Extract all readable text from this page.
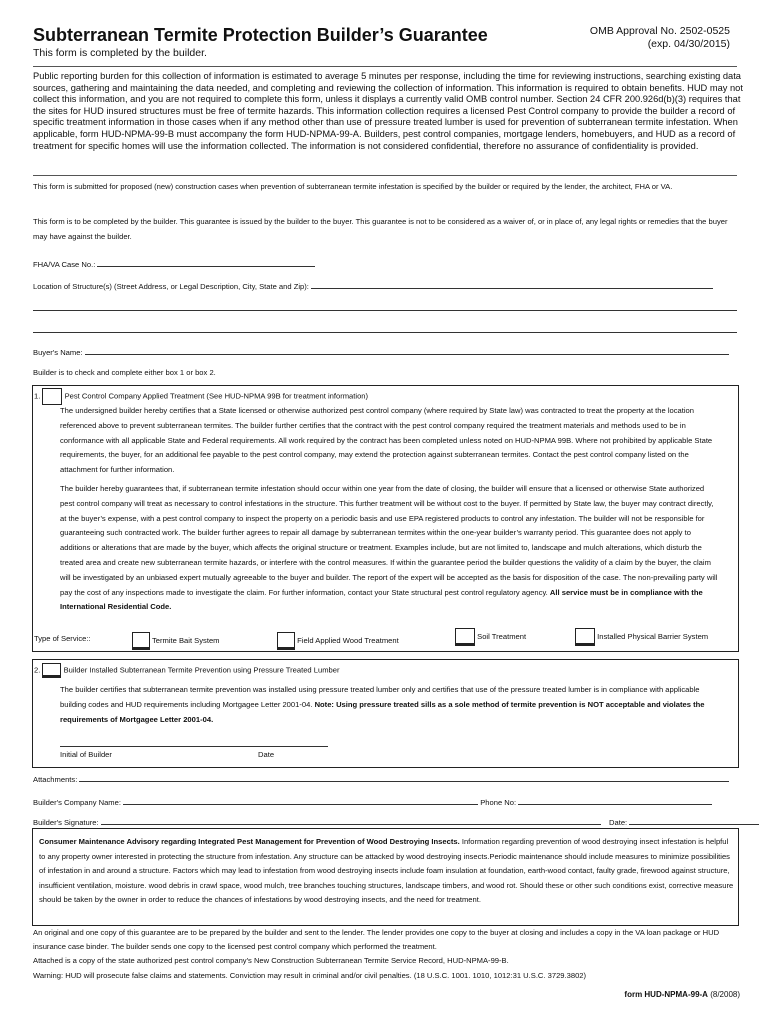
Subterranean Termite Protection Builder’s Guarantee
This form is completed by the builder.
OMB Approval No. 2502-0525
(exp. 04/30/2015)
Public reporting burden for this collection of information is estimated to average 5 minutes per response, including the time for reviewing instructions, searching existing data sources, gathering and maintaining the data needed, and completing and reviewing the collection of information. This information is required to obtain benefits. HUD may not collect this information, and you are not required to complete this form, unless it displays a currently valid OMB control number. Section 24 CFR 200.926d(b)(3) requires that the sites for HUD insured structures must be free of termite hazards. This information collection requires a licensed Pest Control company to provide the builder a record of specific treatment information in those cases when if any method other than use of pressure treated lumber is used for prevention of subterranean termite infestation. When applicable, form HUD-NPMA-99-B must accompany the form HUD-NPMA-99-A. Builders, pest control companies, mortgage lenders, homebuyers, and HUD as a record of treatment for specific homes will use the information collected. The information is not considered confidential, therefore no assurance of confidentiality is provided.
This form is submitted for proposed (new) construction cases when prevention of subterranean termite infestation is specified by the builder or required by the lender, the architect, FHA or VA.
This form is to be completed by the builder. This guarantee is issued by the builder to the buyer. This guarantee is not to be considered as a waiver of, or in place of, any legal rights or remedies that the buyer may have against the builder.
FHA/VA Case No.:
Location of Structure(s) (Street Address, or Legal Description, City, State and Zip):
Buyer's Name:
Builder is to check and complete either box 1 or box 2.
1.	Pest Control Company Applied Treatment (See HUD-NPMA 99B for treatment information)
The undersigned builder hereby certifies that a State licensed or otherwise authorized pest control company (where required by State law) was contracted to treat the property at the location referenced above to prevent subterranean termites. The builder further certifies that the contract with the pest control company required the treatment materials and methods used to be in conformance with all applicable State and Federal requirements. All work required by the contract has been completed unless noted on HUD-NPMA 99B. Where not prohibited by applicable State requirements, the buyer, for an additional fee payable to the pest control company, may extend the protection against subterranean termites. Contact the pest control company listed on the attachment for further information.
The builder hereby guarantees that, if subterranean termite infestation should occur within one year from the date of closing, the builder will ensure that a licensed or otherwise State authorized pest control company will treat as necessary to control infestations in the structure. This further treatment will be without cost to the buyer. If permitted by State law, the buyer may contract directly, at the buyer’s expense, with a pest control company to inspect the property on a periodic basis and use EPA registered products to control any infestation. The builder will not be responsible for guaranteeing such contracted work. The builder further agrees to repair all damage by subterranean termites within the one-year builder’s warranty period. This guarantee does not apply to additions or alterations that are made by the buyer, which affects the original structure or treatment. Examples include, but are not limited to, landscape and mulch alterations, which disturb the treated area and create new subterranean termite hazards, or interfere with the control measures. If within the guarantee period the builder questions the validity of a claim by the buyer, the claim will be investigated by an unbiased expert mutually agreeable to the buyer and builder. The report of the expert will be accepted as the basis for disposition of the case. The non-prevailing party will pay the cost of any inspections made to investigate the claim. For further information, contact your State structural pest control regulatory agency. All service must be in compliance with the International Residential Code.
Type of Service::	Termite Bait System	Field Applied Wood Treatment	Soil Treatment	Installed Physical Barrier System
2.	Builder Installed Subterranean Termite Prevention using Pressure Treated Lumber
The builder certifies that subterranean termite prevention was installed using pressure treated lumber only and certifies that use of the pressure treated lumber is in compliance with applicable building codes and HUD requirements including Mortgagee Letter 2001-04. Note: Using pressure treated sills as a sole method of termite prevention is NOT acceptable and violates the requirements of Mortgagee Letter 2001-04.
Initial of Builder	Date
Attachments:
Builder's Company Name:	Phone No:
Builder's Signature:	Date:
Consumer Maintenance Advisory regarding Integrated Pest Management for Prevention of Wood Destroying Insects. Information regarding prevention of wood destroying insect infestation is helpful to any property owner interested in protecting the structure from infestation. Any structure can be attacked by wood destroying insects.Periodic maintenance should include measures to minimize possibilities of infestation in and around a structure. Factors which may lead to infestation from wood destroying insects include foam insulation at foundation, earth-wood contact, faulty grade, firewood against structure, insufficient ventilation, moisture. wood debris in crawl space, wood mulch, tree branches touching structures, landscape timbers, and wood rot. Should these or other such conditions exist, corrective measure should be taken by the owner in order to reduce the chances of infestations by wood destroying insects, and the need for treatment.
An original and one copy of this guarantee are to be prepared by the builder and sent to the lender. The lender provides one copy to the buyer at closing and includes a copy in the VA loan package or HUD insurance case binder. The builder sends one copy to the licensed pest control company which performed the treatment.
Attached is a copy of the state authorized pest control company's New Construction Subterranean Termite Service Record, HUD-NPMA-99-B.
Warning: HUD will prosecute false claims and statements. Conviction may result in criminal and/or civil penalties. (18 U.S.C. 1001. 1010, 1012:31 U.S.C. 3729.3802)
form HUD-NPMA-99-A (8/2008)
